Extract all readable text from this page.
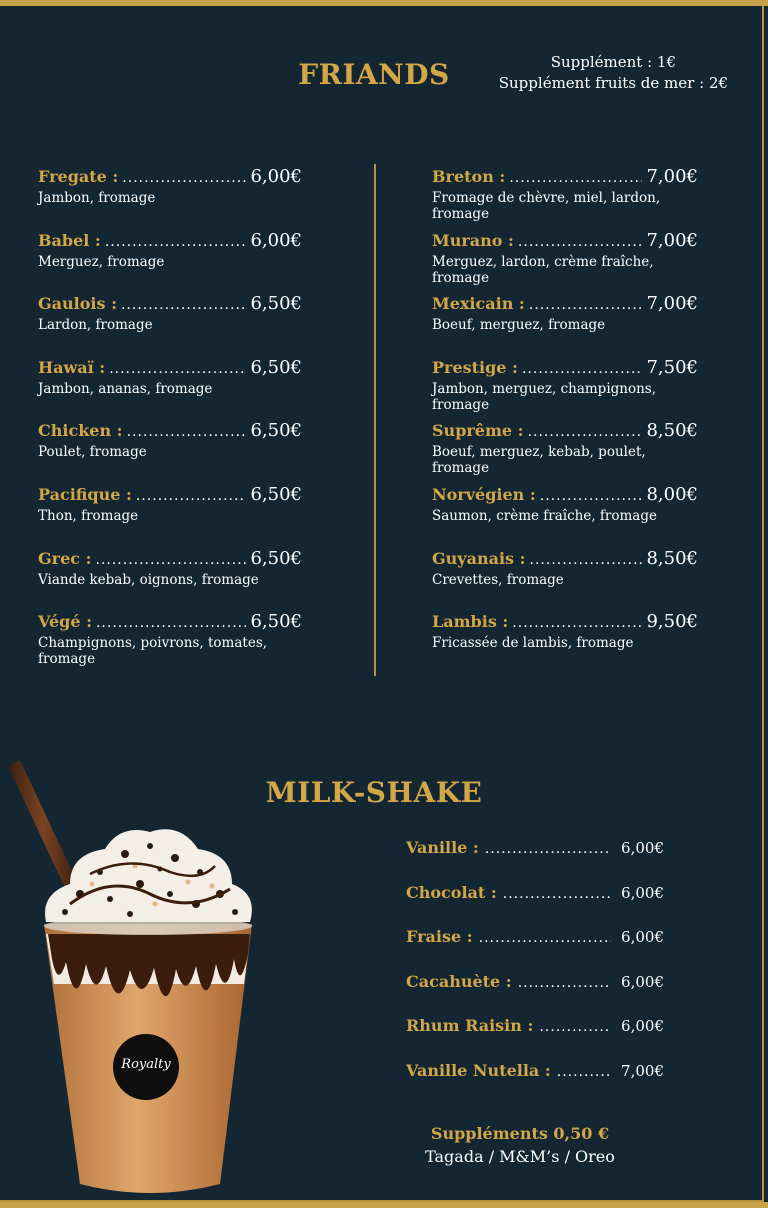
FRIANDS	Supplément : 1€
Supplément fruits de mer : 2€
Fregate : .....	6,00€
Jambon, fromage
Babel : .....	6,00€
Merguez, fromage
Gaulois : .....	6,50€
Lardon, fromage
Hawaï : .....	6,50€
Jambon, ananas, fromage
Chicken : .....	6,50€
Poulet, fromage
Pacifique : .....	6,50€
Thon, fromage
Grec : .....	6,50€
Viande kebab, oignons, fromage
Végé : .....	6,50€
Champignons, poivrons, tomates, fromage
Breton : .....	7,00€
Fromage de chèvre, miel, lardon, fromage
Murano : .....	7,00€
Merguez, lardon, crème fraîche, fromage
Mexicain : .....	7,00€
Boeuf, merguez, fromage
Prestige : .....	7,50€
Jambon, merguez, champignons, fromage
Suprême : .....	8,50€
Boeuf, merguez, kebab, poulet, fromage
Norvégien : .....	8,00€
Saumon, crème fraîche, fromage
Guyanais : .....	8,50€
Crevettes, fromage
Lambis : .....	9,50€
Fricassée de lambis, fromage
Royalty
MILK-SHAKE
Vanille : .....	6,00€
Chocolat : .....	6,00€
Fraise : .....	6,00€
Cacahuète : .....	6,00€
Rhum Raisin : .....	6,00€
Vanille Nutella : .....	7,00€
Suppléments 0,50 €
Tagada / M&M’s / Oreo
